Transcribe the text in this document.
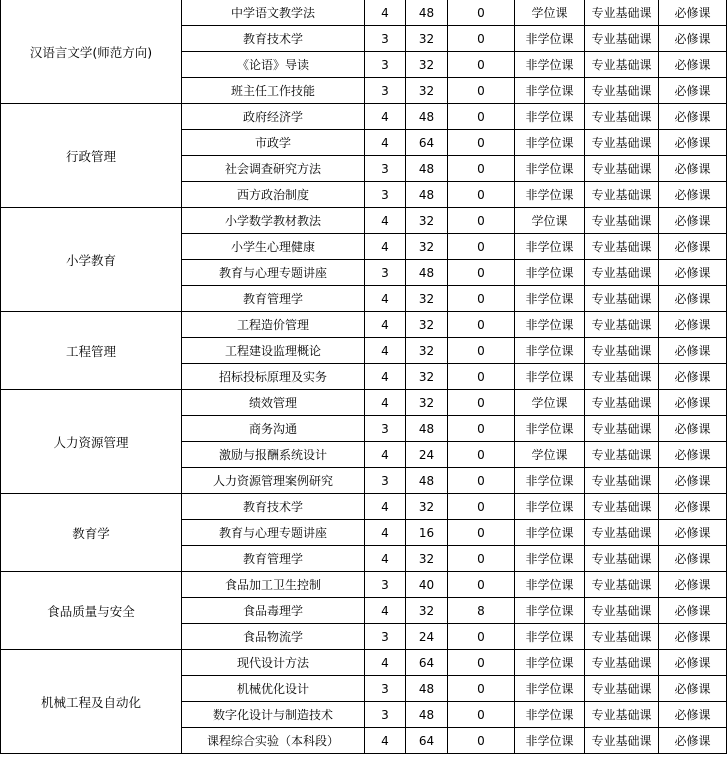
汉语言文学(师范方向)	中学语文教学法	4	48	0	学位课	专业基础课	必修课
	教育技术学	3	32	0	非学位课	专业基础课	必修课
	《论语》导读	3	32	0	非学位课	专业基础课	必修课
	班主任工作技能	3	32	0	非学位课	专业基础课	必修课
行政管理	政府经济学	4	48	0	非学位课	专业基础课	必修课
	市政学	4	64	0	非学位课	专业基础课	必修课
	社会调查研究方法	3	48	0	非学位课	专业基础课	必修课
	西方政治制度	3	48	0	非学位课	专业基础课	必修课
小学教育	小学数学教材教法	4	32	0	学位课	专业基础课	必修课
	小学生心理健康	4	32	0	非学位课	专业基础课	必修课
	教育与心理专题讲座	3	48	0	非学位课	专业基础课	必修课
	教育管理学	4	32	0	非学位课	专业基础课	必修课
工程管理	工程造价管理	4	32	0	非学位课	专业基础课	必修课
	工程建设监理概论	4	32	0	非学位课	专业基础课	必修课
	招标投标原理及实务	4	32	0	非学位课	专业基础课	必修课
人力资源管理	绩效管理	4	32	0	学位课	专业基础课	必修课
	商务沟通	3	48	0	非学位课	专业基础课	必修课
	激励与报酬系统设计	4	24	0	学位课	专业基础课	必修课
	人力资源管理案例研究	3	48	0	非学位课	专业基础课	必修课
教育学	教育技术学	4	32	0	非学位课	专业基础课	必修课
	教育与心理专题讲座	4	16	0	非学位课	专业基础课	必修课
	教育管理学	4	32	0	非学位课	专业基础课	必修课
食品质量与安全	食品加工卫生控制	3	40	0	非学位课	专业基础课	必修课
	食品毒理学	4	32	8	非学位课	专业基础课	必修课
	食品物流学	3	24	0	非学位课	专业基础课	必修课
机械工程及自动化	现代设计方法	4	64	0	非学位课	专业基础课	必修课
	机械优化设计	3	48	0	非学位课	专业基础课	必修课
	数字化设计与制造技术	3	48	0	非学位课	专业基础课	必修课
	课程综合实验（本科段）	4	64	0	非学位课	专业基础课	必修课
